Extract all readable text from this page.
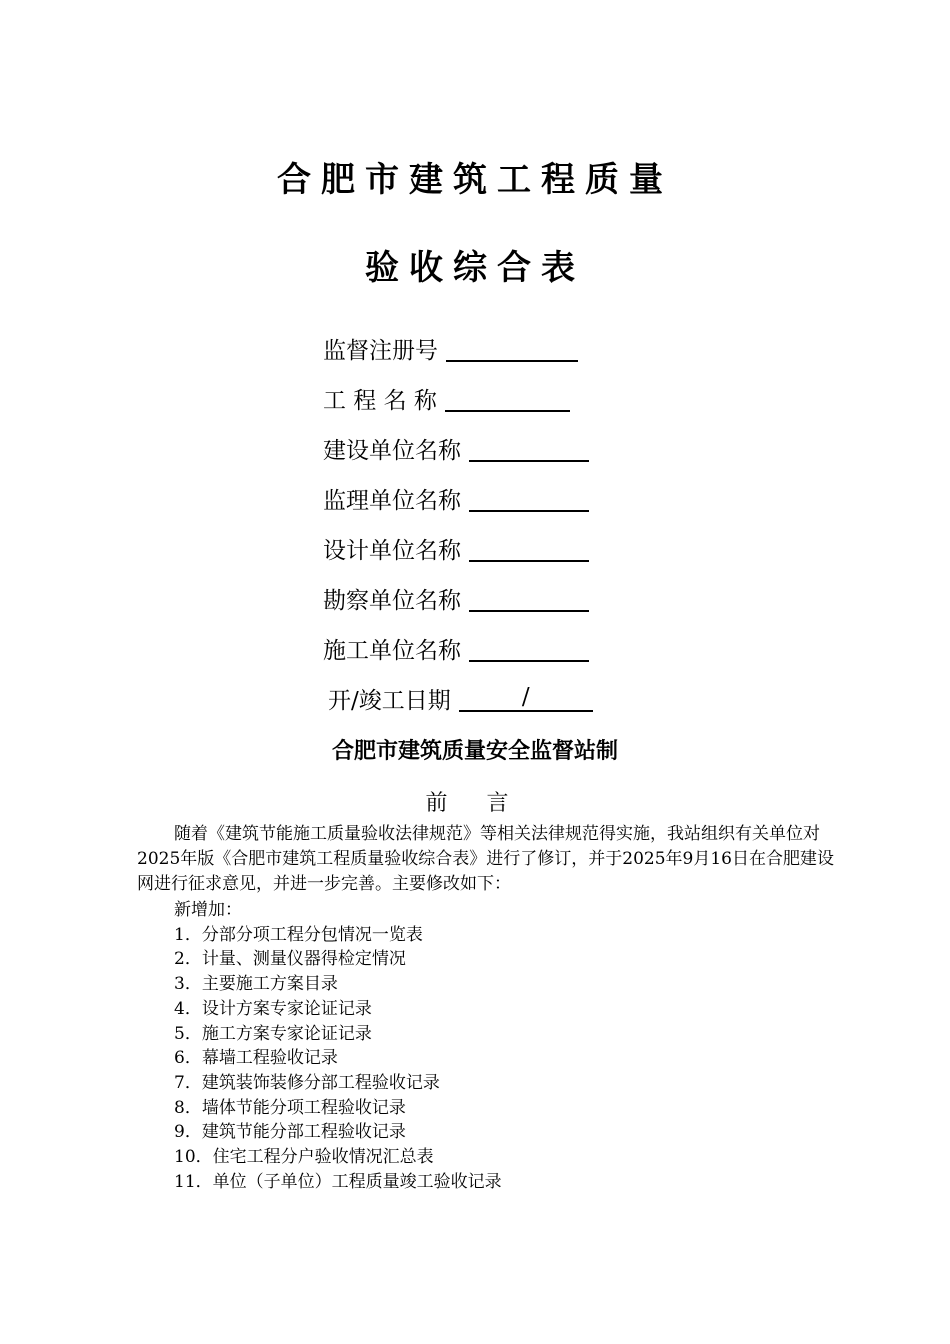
合肥市建筑工程质量
验收综合表
监督注册号
工 程 名 称
建设单位名称
监理单位名称
设计单位名称
勘察单位名称
施工单位名称
开/竣工日期	/
合肥市建筑质量安全监督站制
前 言

随着《建筑节能施工质量验收法律规范》等相关法律规范得实施，我站组织有关单位对2025年版《合肥市建筑工程质量验收综合表》进行了修订，并于2025年9月16日在合肥建设网进行征求意见，并进一步完善。主要修改如下：

新增加：
1．分部分项工程分包情况一览表
2．计量、测量仪器得检定情况
3．主要施工方案目录
4．设计方案专家论证记录
5．施工方案专家论证记录
6．幕墙工程验收记录
7．建筑装饰装修分部工程验收记录
8．墙体节能分项工程验收记录
9．建筑节能分部工程验收记录
10．住宅工程分户验收情况汇总表
11．单位（子单位）工程质量竣工验收记录
